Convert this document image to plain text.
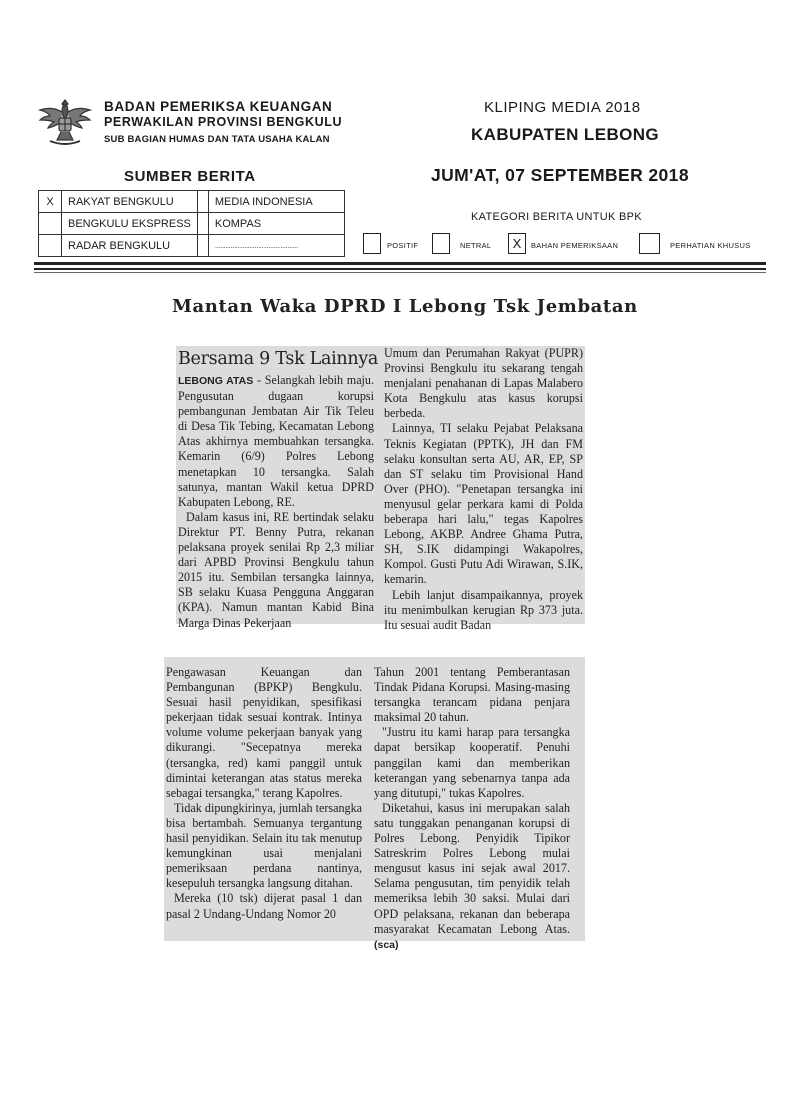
BADAN PEMERIKSA KEUANGAN
PERWAKILAN PROVINSI BENGKULU
SUB BAGIAN HUMAS DAN TATA USAHA KALAN
KLIPING MEDIA 2018
KABUPATEN LEBONG
JUM'AT, 07 SEPTEMBER 2018
SUMBER BERITA
X	RAKYAT BENGKULU		MEDIA INDONESIA
	BENGKULU EKSPRESS		KOMPAS
	RADAR BENGKULU		................................................
KATEGORI BERITA UNTUK BPK
POSITIF	NETRAL	X	BAHAN PEMERIKSAAN	PERHATIAN KHUSUS
Mantan Waka DPRD I Lebong Tsk Jembatan
Bersama 9 Tsk Lainnya

LEBONG ATAS - Selangkah lebih maju. Pengusutan dugaan korupsi pembangunan Jembatan Air Tik Teleu di Desa Tik Tebing, Kecamatan Lebong Atas akhirnya membuahkan tersangka. Kemarin (6/9) Polres Lebong menetapkan 10 tersangka. Salah satunya, mantan Wakil ketua DPRD Kabupaten Lebong, RE.

Dalam kasus ini, RE bertindak selaku Direktur PT. Benny Putra, rekanan pelaksana proyek senilai Rp 2,3 miliar dari APBD Provinsi Bengkulu tahun 2015 itu. Sembilan tersangka lainnya, SB selaku Kuasa Pengguna Anggaran (KPA). Namun mantan Kabid Bina Marga Dinas Pekerjaan

Umum dan Perumahan Rakyat (PUPR) Provinsi Bengkulu itu sekarang tengah menjalani penahanan di Lapas Malabero Kota Bengkulu atas kasus korupsi berbeda.

Lainnya, TI selaku Pejabat Pelaksana Teknis Kegiatan (PPTK), JH dan FM selaku konsultan serta AU, AR, EP, SP dan ST selaku tim Provisional Hand Over (PHO). "Penetapan tersangka ini menyusul gelar perkara kami di Polda beberapa hari lalu," tegas Kapolres Lebong, AKBP. Andree Ghama Putra, SH, S.IK didampingi Wakapolres, Kompol. Gusti Putu Adi Wirawan, S.IK, kemarin.

Lebih lanjut disampaikannya, proyek itu menimbulkan kerugian Rp 373 juta. Itu sesuai audit Badan

Pengawasan Keuangan dan Pembangunan (BPKP) Bengkulu. Sesuai hasil penyidikan, spesifikasi pekerjaan tidak sesuai kontrak. Intinya volume volume pekerjaan banyak yang dikurangi. "Secepatnya mereka (tersangka, red) kami panggil untuk dimintai keterangan atas status mereka sebagai tersangka," terang Kapolres.

Tidak dipungkirinya, jumlah tersangka bisa bertambah. Semuanya tergantung hasil penyidikan. Selain itu tak menutup kemungkinan usai menjalani pemeriksaan perdana nantinya, kesepuluh tersangka langsung ditahan.

Mereka (10 tsk) dijerat pasal 1 dan pasal 2 Undang-Undang Nomor 20

Tahun 2001 tentang Pemberantasan Tindak Pidana Korupsi. Masing-masing tersangka terancam pidana penjara maksimal 20 tahun.

"Justru itu kami harap para tersangka dapat bersikap kooperatif. Penuhi panggilan kami dan memberikan keterangan yang sebenarnya tanpa ada yang ditutupi," tukas Kapolres.

Diketahui, kasus ini merupakan salah satu tunggakan penanganan korupsi di Polres Lebong. Penyidik Tipikor Satreskrim Polres Lebong mulai mengusut kasus ini sejak awal 2017. Selama pengusutan, tim penyidik telah memeriksa lebih 30 saksi. Mulai dari OPD pelaksana, rekanan dan beberapa masyarakat Kecamatan Lebong Atas.(sca)
